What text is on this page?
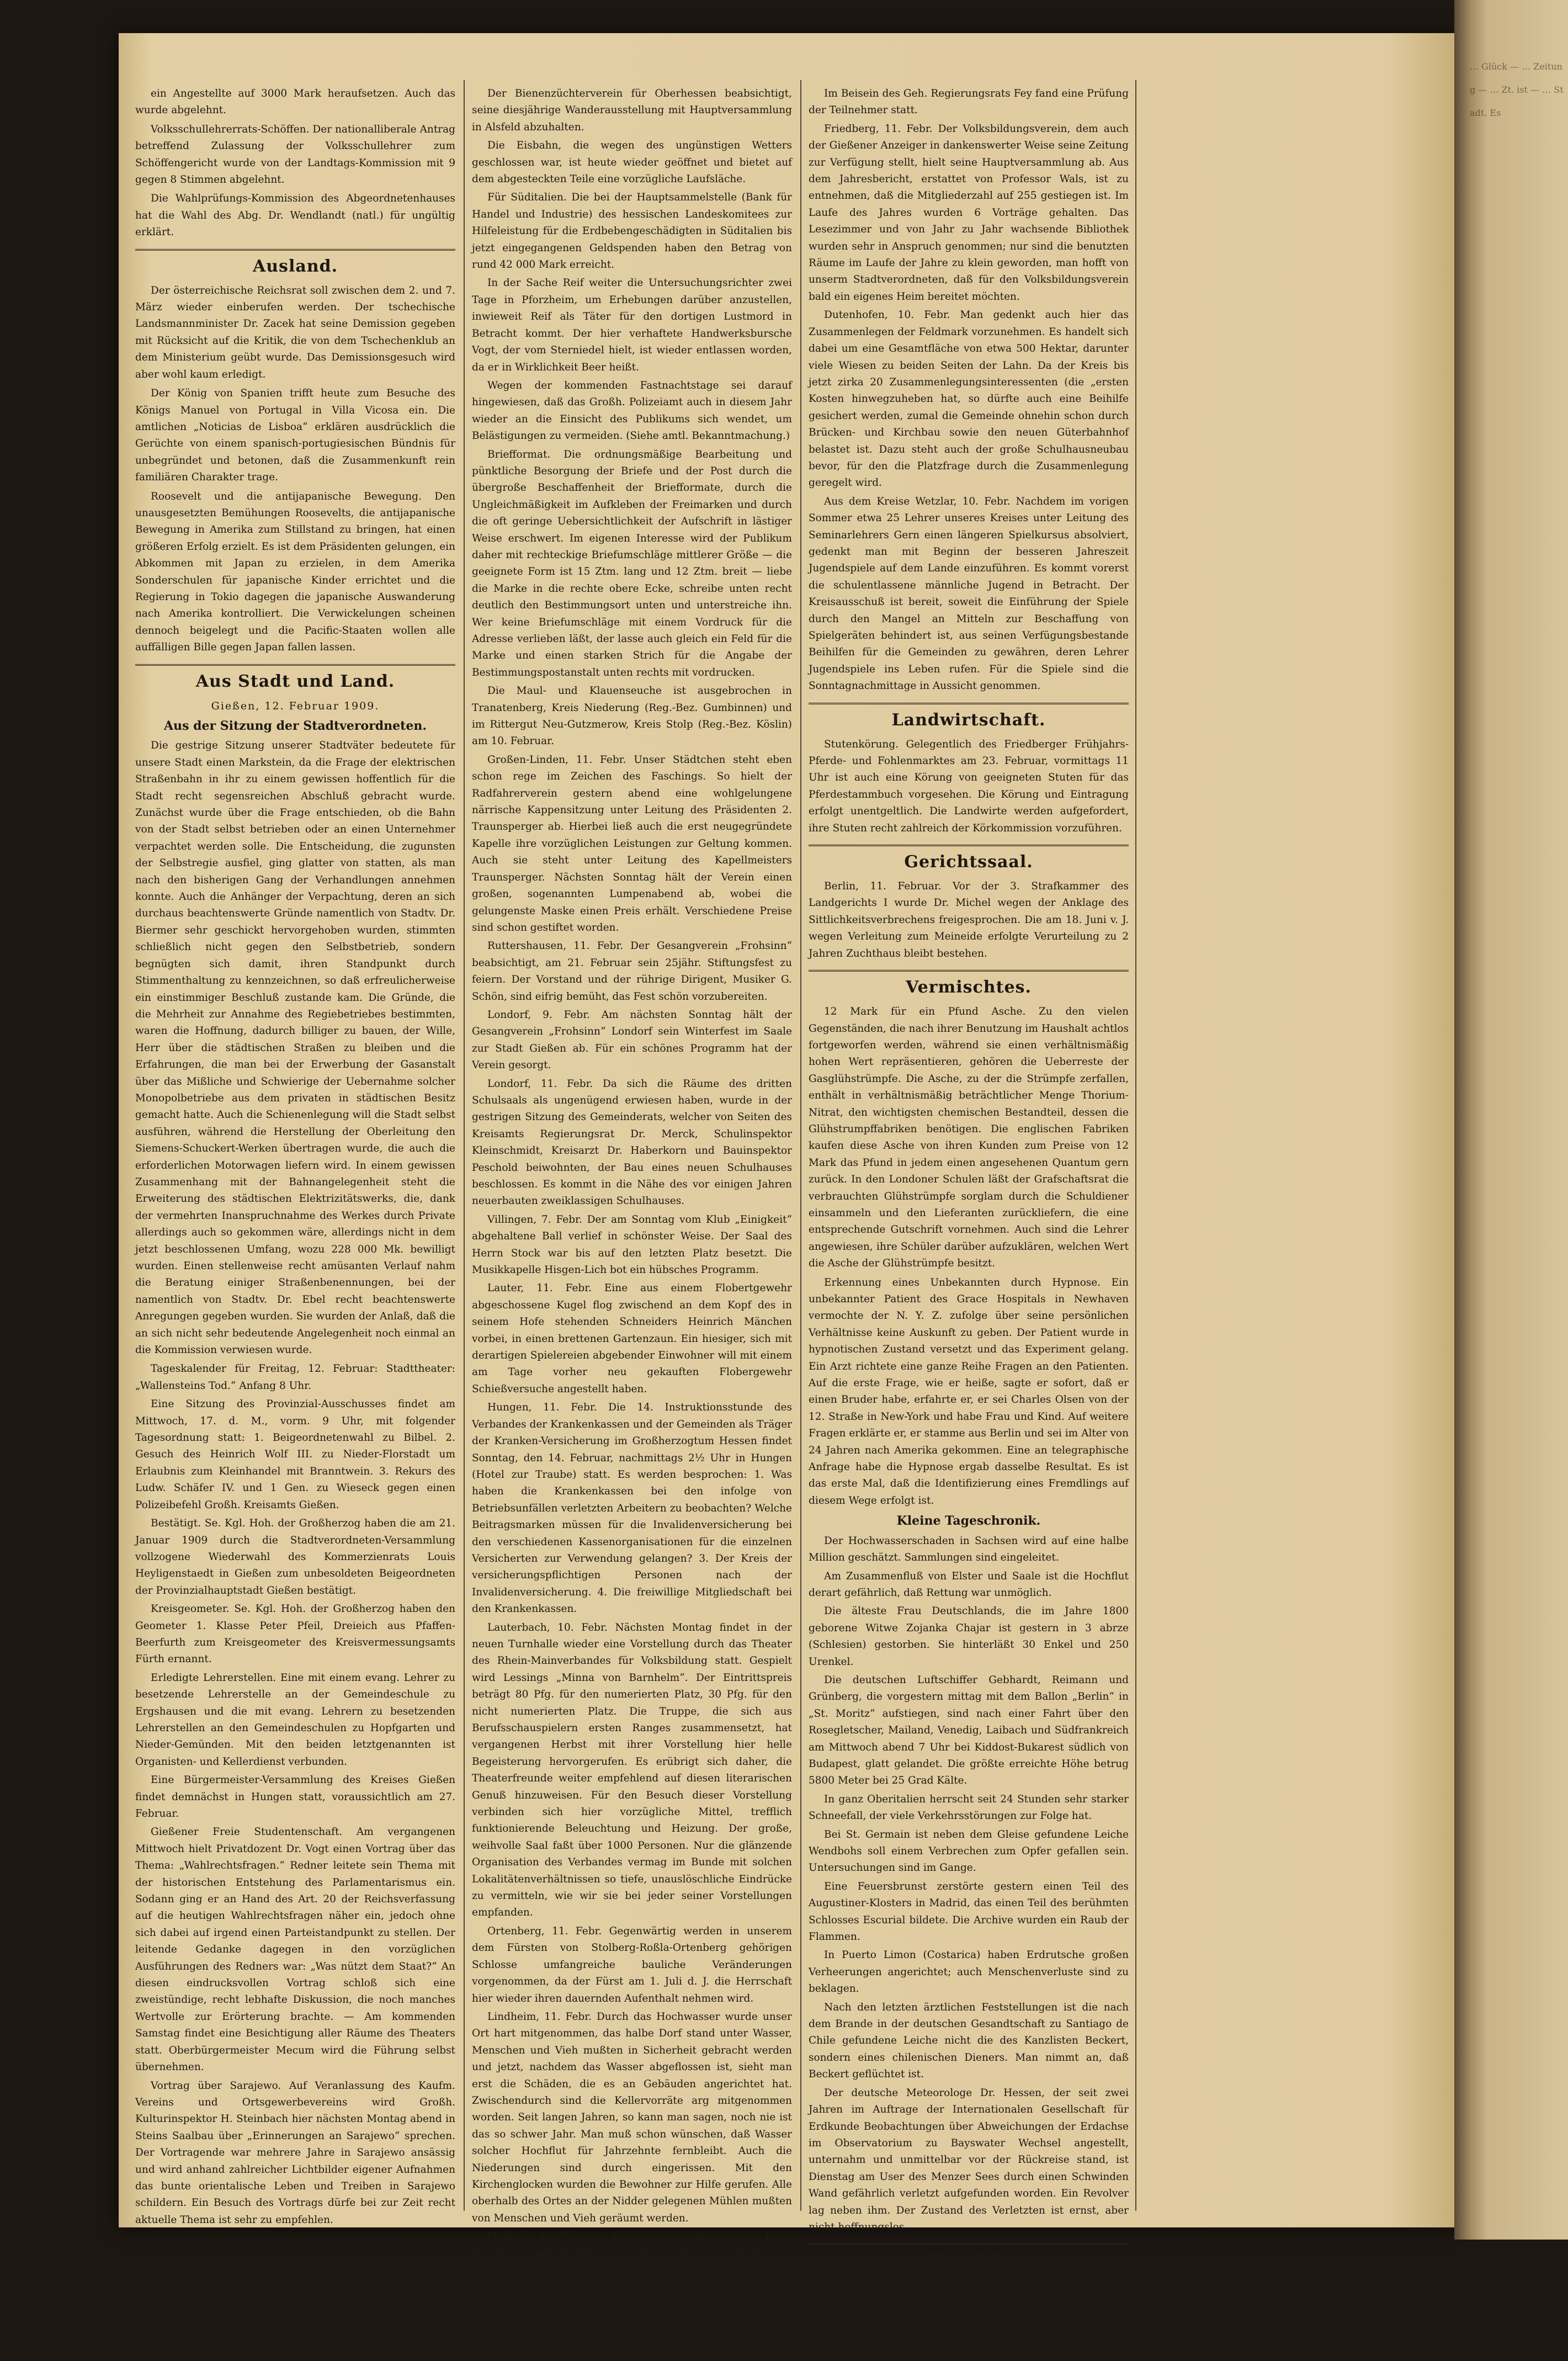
ein Angestellte auf 3000 Mark heraufsetzen. Auch das wurde abgelehnt.

Volksschullehrerrats-Schöffen. Der nationalliberale Antrag betreffend Zulassung der Volksschullehrer zum Schöffengericht wurde von der Landtags-Kommission mit 9 gegen 8 Stimmen abgelehnt.

Die Wahlprüfungs-Kommission des Abgeordnetenhauses hat die Wahl des Abg. Dr. Wendlandt (natl.) für ungültig erklärt.

Ausland.

Der österreichische Reichsrat soll zwischen dem 2. und 7. März wieder einberufen werden. Der tschechische Landsmannminister Dr. Zacek hat seine Demission gegeben mit Rücksicht auf die Kritik, die von dem Tschechenklub an dem Ministerium geübt wurde. Das Demissionsgesuch wird aber wohl kaum erledigt.

Der König von Spanien trifft heute zum Besuche des Königs Manuel von Portugal in Villa Vicosa ein. Die amtlichen „Noticias de Lisboa“ erklären ausdrücklich die Gerüchte von einem spanisch-portugiesischen Bündnis für unbegründet und betonen, daß die Zusammenkunft rein familiären Charakter trage.

Roosevelt und die antijapanische Bewegung. Den unausgesetzten Bemühungen Roosevelts, die antijapanische Bewegung in Amerika zum Stillstand zu bringen, hat einen größeren Erfolg erzielt. Es ist dem Präsidenten gelungen, ein Abkommen mit Japan zu erzielen, in dem Amerika Sonderschulen für japanische Kinder errichtet und die Regierung in Tokio dagegen die japanische Auswanderung nach Amerika kontrolliert. Die Verwickelungen scheinen dennoch beigelegt und die Pacific-Staaten wollen alle auffälligen Bille gegen Japan fallen lassen.

Aus Stadt und Land.
Gießen, 12. Februar 1909.
Aus der Sitzung der Stadtverordneten.

Die gestrige Sitzung unserer Stadtväter bedeutete für unsere Stadt einen Markstein, da die Frage der elektrischen Straßenbahn in ihr zu einem gewissen hoffentlich für die Stadt recht segensreichen Abschluß gebracht wurde. Zunächst wurde über die Frage entschieden, ob die Bahn von der Stadt selbst betrieben oder an einen Unternehmer verpachtet werden solle. Die Entscheidung, die zugunsten der Selbstregie ausfiel, ging glatter von statten, als man nach den bisherigen Gang der Verhandlungen annehmen konnte. Auch die Anhänger der Verpachtung, deren an sich durchaus beachtenswerte Gründe namentlich von Stadtv. Dr. Biermer sehr geschickt hervorgehoben wurden, stimmten schließlich nicht gegen den Selbstbetrieb, sondern begnügten sich damit, ihren Standpunkt durch Stimmenthaltung zu kennzeichnen, so daß erfreulicherweise ein einstimmiger Beschluß zustande kam. Die Gründe, die die Mehrheit zur Annahme des Regiebetriebes bestimmten, waren die Hoffnung, dadurch billiger zu bauen, der Wille, Herr über die städtischen Straßen zu bleiben und die Erfahrungen, die man bei der Erwerbung der Gasanstalt über das Mißliche und Schwierige der Uebernahme solcher Monopolbetriebe aus dem privaten in städtischen Besitz gemacht hatte. Auch die Schienenlegung will die Stadt selbst ausführen, während die Herstellung der Oberleitung den Siemens-Schuckert-Werken übertragen wurde, die auch die erforderlichen Motorwagen liefern wird. In einem gewissen Zusammenhang mit der Bahnangelegenheit steht die Erweiterung des städtischen Elektrizitätswerks, die, dank der vermehrten Inanspruchnahme des Werkes durch Private allerdings auch so gekommen wäre, allerdings nicht in dem jetzt beschlossenen Umfang, wozu 228 000 Mk. bewilligt wurden. Einen stellenweise recht amüsanten Verlauf nahm die Beratung einiger Straßenbenennungen, bei der namentlich von Stadtv. Dr. Ebel recht beachtenswerte Anregungen gegeben wurden. Sie wurden der Anlaß, daß die an sich nicht sehr bedeutende Angelegenheit noch einmal an die Kommission verwiesen wurde.

Tageskalender für Freitag, 12. Februar: Stadttheater: „Wallensteins Tod.“ Anfang 8 Uhr.

Eine Sitzung des Provinzial-Ausschusses findet am Mittwoch, 17. d. M., vorm. 9 Uhr, mit folgender Tagesordnung statt: 1. Beigeordnetenwahl zu Bilbel. 2. Gesuch des Heinrich Wolf III. zu Nieder-Florstadt um Erlaubnis zum Kleinhandel mit Branntwein. 3. Rekurs des Ludw. Schäfer IV. und 1 Gen. zu Wieseck gegen einen Polizeibefehl Großh. Kreisamts Gießen.

Bestätigt. Se. Kgl. Hoh. der Großherzog haben die am 21. Januar 1909 durch die Stadtverordneten-Versammlung vollzogene Wiederwahl des Kommerzienrats Louis Heyligenstaedt in Gießen zum unbesoldeten Beigeordneten der Provinzialhauptstadt Gießen bestätigt.

Kreisgeometer. Se. Kgl. Hoh. der Großherzog haben den Geometer 1. Klasse Peter Pfeil, Dreieich aus Pfaffen-Beerfurth zum Kreisgeometer des Kreisvermessungsamts Fürth ernannt.

Erledigte Lehrerstellen. Eine mit einem evang. Lehrer zu besetzende Lehrerstelle an der Gemeindeschule zu Ergshausen und die mit evang. Lehrern zu besetzenden Lehrerstellen an den Gemeindeschulen zu Hopfgarten und Nieder-Gemünden. Mit den beiden letztgenannten ist Organisten- und Kellerdienst verbunden.

Eine Bürgermeister-Versammlung des Kreises Gießen findet demnächst in Hungen statt, voraussichtlich am 27. Februar.

Gießener Freie Studentenschaft. Am vergangenen Mittwoch hielt Privatdozent Dr. Vogt einen Vortrag über das Thema: „Wahlrechtsfragen.“ Redner leitete sein Thema mit der historischen Entstehung des Parlamentarismus ein. Sodann ging er an Hand des Art. 20 der Reichsverfassung auf die heutigen Wahlrechtsfragen näher ein, jedoch ohne sich dabei auf irgend einen Parteistandpunkt zu stellen. Der leitende Gedanke dagegen in den vorzüglichen Ausführungen des Redners war: „Was nützt dem Staat?“ An diesen eindrucksvollen Vortrag schloß sich eine zweistündige, recht lebhafte Diskussion, die noch manches Wertvolle zur Erörterung brachte. — Am kommenden Samstag findet eine Besichtigung aller Räume des Theaters statt. Oberbürgermeister Mecum wird die Führung selbst übernehmen.

Vortrag über Sarajewo. Auf Veranlassung des Kaufm. Vereins und Ortsgewerbevereins wird Großh. Kulturinspektor H. Steinbach hier nächsten Montag abend in Steins Saalbau über „Erinnerungen an Sarajewo“ sprechen. Der Vortragende war mehrere Jahre in Sarajewo ansässig und wird anhand zahlreicher Lichtbilder eigener Aufnahmen das bunte orientalische Leben und Treiben in Sarajewo schildern. Ein Besuch des Vortrags dürfe bei zur Zeit recht aktuelle Thema ist sehr zu empfehlen.

Der Bienenzüchterverein für Oberhessen beabsichtigt, seine diesjährige Wanderausstellung mit Hauptversammlung in Alsfeld abzuhalten.

Die Eisbahn, die wegen des ungünstigen Wetters geschlossen war, ist heute wieder geöffnet und bietet auf dem abgesteckten Teile eine vorzügliche Laufsläche.

Für Süditalien. Die bei der Hauptsammelstelle (Bank für Handel und Industrie) des hessischen Landeskomitees zur Hilfeleistung für die Erdbebengeschädigten in Süditalien bis jetzt eingegangenen Geldspenden haben den Betrag von rund 42 000 Mark erreicht.

In der Sache Reif weiter die Untersuchungsrichter zwei Tage in Pforzheim, um Erhebungen darüber anzustellen, inwieweit Reif als Täter für den dortigen Lustmord in Betracht kommt. Der hier verhaftete Handwerksbursche Vogt, der vom Sterniedel hielt, ist wieder entlassen worden, da er in Wirklichkeit Beer heißt.

Wegen der kommenden Fastnachtstage sei darauf hingewiesen, daß das Großh. Polizeiamt auch in diesem Jahr wieder an die Einsicht des Publikums sich wendet, um Belästigungen zu vermeiden. (Siehe amtl. Bekanntmachung.)

Briefformat. Die ordnungsmäßige Bearbeitung und pünktliche Besorgung der Briefe und der Post durch die übergroße Beschaffenheit der Briefformate, durch die Ungleichmäßigkeit im Aufkleben der Freimarken und durch die oft geringe Uebersichtlichkeit der Aufschrift in lästiger Weise erschwert. Im eigenen Interesse wird der Publikum daher mit rechteckige Briefumschläge mittlerer Größe — die geeignete Form ist 15 Ztm. lang und 12 Ztm. breit — liebe die Marke in die rechte obere Ecke, schreibe unten recht deutlich den Bestimmungsort unten und unterstreiche ihn. Wer keine Briefumschläge mit einem Vordruck für die Adresse verlieben läßt, der lasse auch gleich ein Feld für die Marke und einen starken Strich für die Angabe der Bestimmungspostanstalt unten rechts mit vordrucken.

Die Maul- und Klauenseuche ist ausgebrochen in Tranatenberg, Kreis Niederung (Reg.-Bez. Gumbinnen) und im Rittergut Neu-Gutzmerow, Kreis Stolp (Reg.-Bez. Köslin) am 10. Februar.

Großen-Linden, 11. Febr. Unser Städtchen steht eben schon rege im Zeichen des Faschings. So hielt der Radfahrerverein gestern abend eine wohlgelungene närrische Kappensitzung unter Leitung des Präsidenten 2. Traunsperger ab. Hierbei ließ auch die erst neugegründete Kapelle ihre vorzüglichen Leistungen zur Geltung kommen. Auch sie steht unter Leitung des Kapellmeisters Traunsperger. Nächsten Sonntag hält der Verein einen großen, sogenannten Lumpenabend ab, wobei die gelungenste Maske einen Preis erhält. Verschiedene Preise sind schon gestiftet worden.

Ruttershausen, 11. Febr. Der Gesangverein „Frohsinn“ beabsichtigt, am 21. Februar sein 25jähr. Stiftungsfest zu feiern. Der Vorstand und der rührige Dirigent, Musiker G. Schön, sind eifrig bemüht, das Fest schön vorzubereiten.

Londorf, 9. Febr. Am nächsten Sonntag hält der Gesangverein „Frohsinn“ Londorf sein Winterfest im Saale zur Stadt Gießen ab. Für ein schönes Programm hat der Verein gesorgt.

Londorf, 11. Febr. Da sich die Räume des dritten Schulsaals als ungenügend erwiesen haben, wurde in der gestrigen Sitzung des Gemeinderats, welcher von Seiten des Kreisamts Regierungsrat Dr. Merck, Schulinspektor Kleinschmidt, Kreisarzt Dr. Haberkorn und Bauinspektor Peschold beiwohnten, der Bau eines neuen Schulhauses beschlossen. Es kommt in die Nähe des vor einigen Jahren neuerbauten zweiklassigen Schulhauses.

Villingen, 7. Febr. Der am Sonntag vom Klub „Einigkeit“ abgehaltene Ball verlief in schönster Weise. Der Saal des Herrn Stock war bis auf den letzten Platz besetzt. Die Musikkapelle Hisgen-Lich bot ein hübsches Programm.

Lauter, 11. Febr. Eine aus einem Flobertgewehr abgeschossene Kugel flog zwischend an dem Kopf des in seinem Hofe stehenden Schneiders Heinrich Mänchen vorbei, in einen brettenen Gartenzaun. Ein hiesiger, sich mit derartigen Spielereien abgebender Einwohner will mit einem am Tage vorher neu gekauften Flobergewehr Schießversuche angestellt haben.

Hungen, 11. Febr. Die 14. Instruktionsstunde des Verbandes der Krankenkassen und der Gemeinden als Träger der Kranken-Versicherung im Großherzogtum Hessen findet Sonntag, den 14. Februar, nachmittags 2½ Uhr in Hungen (Hotel zur Traube) statt. Es werden besprochen: 1. Was haben die Krankenkassen bei den infolge von Betriebsunfällen verletzten Arbeitern zu beobachten? Welche Beitragsmarken müssen für die Invalidenversicherung bei den verschiedenen Kassenorganisationen für die einzelnen Versicherten zur Verwendung gelangen? 3. Der Kreis der versicherungspflichtigen Personen nach der Invalidenversicherung. 4. Die freiwillige Mitgliedschaft bei den Krankenkassen.

Lauterbach, 10. Febr. Nächsten Montag findet in der neuen Turnhalle wieder eine Vorstellung durch das Theater des Rhein-Mainverbandes für Volksbildung statt. Gespielt wird Lessings „Minna von Barnhelm“. Der Eintrittspreis beträgt 80 Pfg. für den numerierten Platz, 30 Pfg. für den nicht numerierten Platz. Die Truppe, die sich aus Berufsschauspielern ersten Ranges zusammensetzt, hat vergangenen Herbst mit ihrer Vorstellung hier helle Begeisterung hervorgerufen. Es erübrigt sich daher, die Theaterfreunde weiter empfehlend auf diesen literarischen Genuß hinzuweisen. Für den Besuch dieser Vorstellung verbinden sich hier vorzügliche Mittel, trefflich funktionierende Beleuchtung und Heizung. Der große, weihvolle Saal faßt über 1000 Personen. Nur die glänzende Organisation des Verbandes vermag im Bunde mit solchen Lokalitätenverhältnissen so tiefe, unauslöschliche Eindrücke zu vermitteln, wie wir sie bei jeder seiner Vorstellungen empfanden.

Ortenberg, 11. Febr. Gegenwärtig werden in unserem dem Fürsten von Stolberg-Roßla-Ortenberg gehörigen Schlosse umfangreiche bauliche Veränderungen vorgenommen, da der Fürst am 1. Juli d. J. die Herrschaft hier wieder ihren dauernden Aufenthalt nehmen wird.

Lindheim, 11. Febr. Durch das Hochwasser wurde unser Ort hart mitgenommen, das halbe Dorf stand unter Wasser, Menschen und Vieh mußten in Sicherheit gebracht werden und jetzt, nachdem das Wasser abgeflossen ist, sieht man erst die Schäden, die es an Gebäuden angerichtet hat. Zwischendurch sind die Kellervorräte arg mitgenommen worden. Seit langen Jahren, so kann man sagen, noch nie ist das so schwer Jahr. Man muß schon wünschen, daß Wasser solcher Hochflut für Jahrzehnte fernbleibt. Auch die Niederungen sind durch eingerissen. Mit den Kirchenglocken wurden die Bewohner zur Hilfe gerufen. Alle oberhalb des Ortes an der Nidder gelegenen Mühlen mußten von Menschen und Vieh geräumt werden.

Melbach, 11. Febr. Die Haushaltungsschule für den Kreis Friedberg veranstaltete hier einen sechswöchigen Kursus, der sehr gut besucht war. Neben der Lehrerin unterrichtete Dr. Skriba-Södel über Krankenpflege.

Im Beisein des Geh. Regierungsrats Fey fand eine Prüfung der Teilnehmer statt.

Friedberg, 11. Febr. Der Volksbildungsverein, dem auch der Gießener Anzeiger in dankenswerter Weise seine Zeitung zur Verfügung stellt, hielt seine Hauptversammlung ab. Aus dem Jahresbericht, erstattet von Professor Wals, ist zu entnehmen, daß die Mitgliederzahl auf 255 gestiegen ist. Im Laufe des Jahres wurden 6 Vorträge gehalten. Das Lesezimmer und von Jahr zu Jahr wachsende Bibliothek wurden sehr in Anspruch genommen; nur sind die benutzten Räume im Laufe der Jahre zu klein geworden, man hofft von unserm Stadtverordneten, daß für den Volksbildungsverein bald ein eigenes Heim bereitet möchten.

Dutenhofen, 10. Febr. Man gedenkt auch hier das Zusammenlegen der Feldmark vorzunehmen. Es handelt sich dabei um eine Gesamtfläche von etwa 500 Hektar, darunter viele Wiesen zu beiden Seiten der Lahn. Da der Kreis bis jetzt zirka 20 Zusammenlegungsinteressenten (die „ersten Kosten hinwegzuheben hat, so dürfte auch eine Beihilfe gesichert werden, zumal die Gemeinde ohnehin schon durch Brücken- und Kirchbau sowie den neuen Güterbahnhof belastet ist. Dazu steht auch der große Schulhausneubau bevor, für den die Platzfrage durch die Zusammenlegung geregelt wird.

Aus dem Kreise Wetzlar, 10. Febr. Nachdem im vorigen Sommer etwa 25 Lehrer unseres Kreises unter Leitung des Seminarlehrers Gern einen längeren Spielkursus absolviert, gedenkt man mit Beginn der besseren Jahreszeit Jugendspiele auf dem Lande einzuführen. Es kommt vorerst die schulentlassene männliche Jugend in Betracht. Der Kreisausschuß ist bereit, soweit die Einführung der Spiele durch den Mangel an Mitteln zur Beschaffung von Spielgeräten behindert ist, aus seinen Verfügungsbestande Beihilfen für die Gemeinden zu gewähren, deren Lehrer Jugendspiele ins Leben rufen. Für die Spiele sind die Sonntagnachmittage in Aussicht genommen.

Landwirtschaft.

Stutenkörung. Gelegentlich des Friedberger Frühjahrs-Pferde- und Fohlenmarktes am 23. Februar, vormittags 11 Uhr ist auch eine Körung von geeigneten Stuten für das Pferdestammbuch vorgesehen. Die Körung und Eintragung erfolgt unentgeltlich. Die Landwirte werden aufgefordert, ihre Stuten recht zahlreich der Körkommission vorzuführen.

Gerichtssaal.

Berlin, 11. Februar. Vor der 3. Strafkammer des Landgerichts I wurde Dr. Michel wegen der Anklage des Sittlichkeitsverbrechens freigesprochen. Die am 18. Juni v. J. wegen Verleitung zum Meineide erfolgte Verurteilung zu 2 Jahren Zuchthaus bleibt bestehen.

Vermischtes.

12 Mark für ein Pfund Asche. Zu den vielen Gegenständen, die nach ihrer Benutzung im Haushalt achtlos fortgeworfen werden, während sie einen verhältnismäßig hohen Wert repräsentieren, gehören die Ueberreste der Gasglühstrümpfe. Die Asche, zu der die Strümpfe zerfallen, enthält in verhältnismäßig beträchtlicher Menge Thorium-Nitrat, den wichtigsten chemischen Bestandteil, dessen die Glühstrumpffabriken benötigen. Die englischen Fabriken kaufen diese Asche von ihren Kunden zum Preise von 12 Mark das Pfund in jedem einen angesehenen Quantum gern zurück. In den Londoner Schulen läßt der Grafschaftsrat die verbrauchten Glühstrümpfe sorglam durch die Schuldiener einsammeln und den Lieferanten zurückliefern, die eine entsprechende Gutschrift vornehmen. Auch sind die Lehrer angewiesen, ihre Schüler darüber aufzuklären, welchen Wert die Asche der Glühstrümpfe besitzt.

Erkennung eines Unbekannten durch Hypnose. Ein unbekannter Patient des Grace Hospitals in Newhaven vermochte der N. Y. Z. zufolge über seine persönlichen Verhältnisse keine Auskunft zu geben. Der Patient wurde in hypnotischen Zustand versetzt und das Experiment gelang. Ein Arzt richtete eine ganze Reihe Fragen an den Patienten. Auf die erste Frage, wie er heiße, sagte er sofort, daß er einen Bruder habe, erfahrte er, er sei Charles Olsen von der 12. Straße in New-York und habe Frau und Kind. Auf weitere Fragen erklärte er, er stamme aus Berlin und sei im Alter von 24 Jahren nach Amerika gekommen. Eine an telegraphische Anfrage habe die Hypnose ergab dasselbe Resultat. Es ist das erste Mal, daß die Identifizierung eines Fremdlings auf diesem Wege erfolgt ist.

Kleine Tageschronik.

Der Hochwasserschaden in Sachsen wird auf eine halbe Million geschätzt. Sammlungen sind eingeleitet.

Am Zusammenfluß von Elster und Saale ist die Hochflut derart gefährlich, daß Rettung war unmöglich.

Die älteste Frau Deutschlands, die im Jahre 1800 geborene Witwe Zojanka Chajar ist gestern in 3 abrze (Schlesien) gestorben. Sie hinterläßt 30 Enkel und 250 Urenkel.

Die deutschen Luftschiffer Gebhardt, Reimann und Grünberg, die vorgestern mittag mit dem Ballon „Berlin“ in „St. Moritz“ aufstiegen, sind nach einer Fahrt über den Rosegletscher, Mailand, Venedig, Laibach und Südfrankreich am Mittwoch abend 7 Uhr bei Kiddost-Bukarest südlich von Budapest, glatt gelandet. Die größte erreichte Höhe betrug 5800 Meter bei 25 Grad Kälte.

In ganz Oberitalien herrscht seit 24 Stunden sehr starker Schneefall, der viele Verkehrsstörungen zur Folge hat.

Bei St. Germain ist neben dem Gleise gefundene Leiche Wendbohs soll einem Verbrechen zum Opfer gefallen sein. Untersuchungen sind im Gange.

Eine Feuersbrunst zerstörte gestern einen Teil des Augustiner-Klosters in Madrid, das einen Teil des berühmten Schlosses Escurial bildete. Die Archive wurden ein Raub der Flammen.

In Puerto Limon (Costarica) haben Erdrutsche großen Verheerungen angerichtet; auch Menschenverluste sind zu beklagen.

Nach den letzten ärztlichen Feststellungen ist die nach dem Brande in der deutschen Gesandtschaft zu Santiago de Chile gefundene Leiche nicht die des Kanzlisten Beckert, sondern eines chilenischen Dieners. Man nimmt an, daß Beckert geflüchtet ist.

Der deutsche Meteorologe Dr. Hessen, der seit zwei Jahren im Auftrage der Internationalen Gesellschaft für Erdkunde Beobachtungen über Abweichungen der Erdachse im Observatorium zu Bayswater Wechsel angestellt, unternahm und unmittelbar vor der Rückreise stand, ist Dienstag am User des Menzer Sees durch einen Schwinden Wand gefährlich verletzt aufgefunden worden. Ein Revolver lag neben ihm. Der Zustand des Verletzten ist ernst, aber nicht hoffnungslos.

Handel.

Mannheim, 11. Febr. Am 9. Februar d. J. fand auf Einladung und unter Vorsitz der Rheinischen Kreditbank eine Versammlung der hiesigen größeren Bankinstitute statt, bei welcher die Süddeutsche Diskontogesellschaft, die Pfälzische Bank, die Ba-

… Glück — … Zeitung — … Zt. ist — … Stadt. Es
